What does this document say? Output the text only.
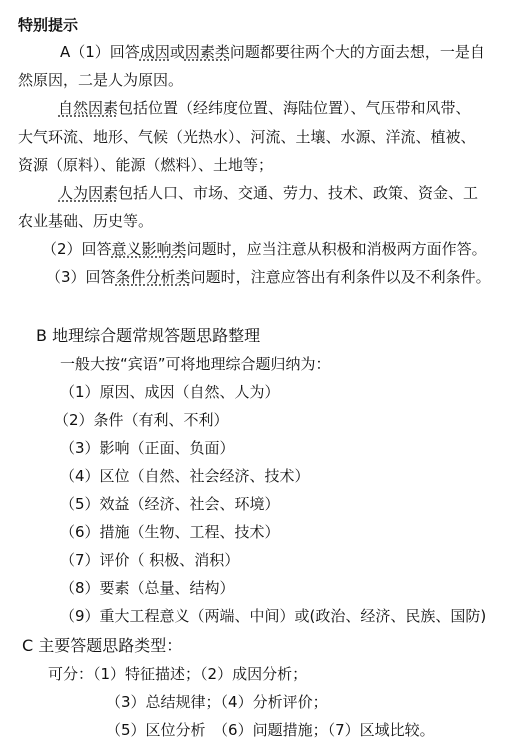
特别提示
A（1）回答成因或因素类问题都要往两个大的方面去想，一是自
然原因，二是人为原因。
自然因素包括位置（经纬度位置、海陆位置）、气压带和风带、
大气环流、地形、气候（光热水）、河流、土壤、水源、洋流、植被、
资源（原料）、能源（燃料）、土地等；
人为因素包括人口、市场、交通、劳力、技术、政策、资金、工
农业基础、历史等。
（2）回答意义影响类问题时，应当注意从积极和消极两方面作答。
（3）回答条件分析类问题时，注意应答出有利条件以及不利条件。
B 地理综合题常规答题思路整理
一般大按“宾语”可将地理综合题归纳为：
（1）原因、成因（自然、人为）
（2）条件（有利、不利）
（3）影响（正面、负面）
（4）区位（自然、社会经济、技术）
（5）效益（经济、社会、环境）
（6）措施（生物、工程、技术）
（7）评价（ 积极、消积）
（8）要素（总量、结构）
（9）重大工程意义（两端、中间）或(政治、经济、民族、国防)
C 主要答题思路类型：
可分：（1）特征描述；（2）成因分析；
（3）总结规律；（4）分析评价；
（5）区位分析　（6）问题措施；（7）区域比较。
